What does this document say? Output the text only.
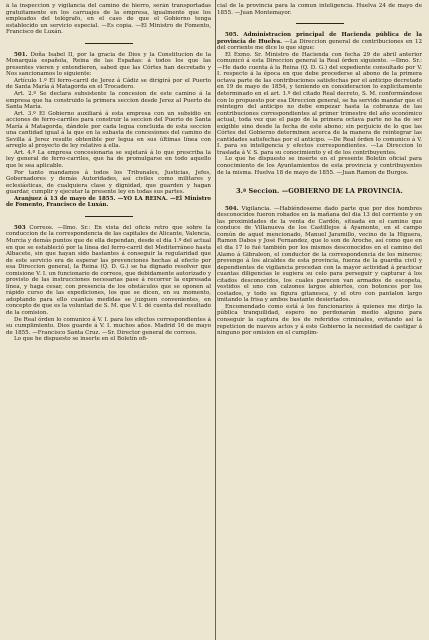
á la inspeccion y vigilancia del camino de hierro, serán transportadas gratuitamente en los carruajes de la empresa, igualmente que los empleados del telégrafo, en el caso de que el Gobierno tenga establecido un servicio especial. —Es copia. —El Ministro de Fomento, Francisco de Luxán.

501. Doña Isabel II, por la gracia de Dios y la Constitucion de la Monarquía española, Reina de las Españas: á todos los que las presentes vieren y entendieren, sabed que las Córtes han decretado y Nos sancionamos lo siguiente:

Artículo 1.º El ferro-carril de Jerez á Cádiz se dirigirá por el Puerto de Santa María á Matagorda en el Trocadero.

Art. 2.º Se declara subsistente la concesion de este camino á la empresa que ha construido la primera seccion desde Jerez al Puerto de Santa María.

Art. 3.º El Gobierno auxiliará á esta empresa con un subsidio en acciones de ferro-carriles para construir la seccion del Puerto de Santa María á Matagorda, dándole por cada legua concluida de esta seccion una cantidad igual á la que en la subasta de concesiones del camino de Sevilla á Jerez resulte obtenible por legua en sus últimas línea con arreglo al proyecto de ley relativo á ella.

Art. 4.º La empresa concesionaria se sujetará á lo que prescriba la ley general de ferro-carriles, que ha de promulgarse en todo aquello que le sea aplicable.

Por tanto mandamos á todos los Tribunales, Justicias, Jefes, Gobernadores y demás Autoridades, así civiles como militares y eclesiásticas, de cualquiera clase y dignidad, que guarden y hagan guardar, cumplir y ejecutar la presente ley en todas sus partes.

Aranjuez á 13 de mayo de 1855. —YO LA REINA. —El Ministro de Fomento, Francisco de Luxán.

503 Correos. —Ilmo. Sr.: En vista del oficio retro que sobre la conduccion de la correspondencia de las capitales de Alicante, Valencia, Murcia y demás puntos que de ella dependan, desde el dia 1.º del actual en que se estableció por la línea del ferro-carril del Mediterráneo hasta Albacete, sin que hayan sido bastantes á conseguir la regularidad que de este servicio era de esperar las prevenciones hechas al efecto por esa Direccion general, la Reina (Q. D. G.) se ha dignado resolver que comisione V. I. un funcionario de correos, que debidamente autorizado y provisto de las instrucciones necesarias pase á recorrer la expresada línea, y haga cesar, con presencia de los obstáculos que se oponen al rápido curso de las expediciones, los que se dicen, en su momento, adoptando para ello cuantas medidas se juzguen convenientes, en concepto de que es la voluntad de S. M. que V. I. dé cuenta del resultado de la comision.

De Real órden lo comunico á V. I. para los efectos correspondientes á su cumplimiento. Dios guarde á V. I. muchos años. Madrid 16 de mayo de 1855. —Francisco Santa Cruz. —Sr. Director general de correos.

Lo que he dispuesto se inserte en el Boletín ofi-

cial de la provincia para la comun inteligencia. Huelva 24 de mayo de 1855. —Juan Montemayor.

505. Administracion principal de Hacienda pública de la provincia de Huelva. —La Direccion general de contribuciones en 12 del corriente me dice lo que sigue:

El Exmo. Sr. Ministro de Hacienda con fecha 29 de abril anterior comunicó á esta Direccion general la Real órden siguiente. —Ilmo. Sr.: —He dado cuenta á la Reina (Q. D. G.) del expediente consultado por V. I. respecto á la época en que debe procederse al abono de la primera octava parte de las contribuciones satisfechas por el anticipo decretado en 19 de mayo de 1854, y teniendo en consideracion lo explícitamente determinado en el art. 1.º del citado Real decreto, S. M. conformándose con lo propuesto por esa Direccion general, se ha servido mandar que el reintegro del anticipo no debe empezar hasta la cobranza de las contribuciones correspondientes al primer trimestre del año económico actual, toda vez que el pago de la primera octava parte no ha de ser exigible sino desde la fecha de este abono; sin perjuicio de lo que las Córtes del Gobierno determinen acerca de la manera de reintegrar las cantidades satisfechas por el anticipo. —De Real órden lo comunico á V. I. para su inteligencia y efectos correspondientes. —La Direccion lo traslada á V. S. para su conocimiento y el de los contribuyentes.

Lo que he dispuesto se inserte en el presente Boletín oficial para conocimiento de los Ayuntamientos de esta provincia y contribuyentes de la misma. Huelva 18 de mayo de 1855. —Juan Ramon de Burgos.

3.ª Seccion. —GOBIERNO DE LA PROVINCIA.

504. Vigilancia. —Habiéndoseme dado parte que por dos hombres desconocidos fueron robados en la mañana del dia 13 del corriente y en las proximidades de la venta de Cardón, situada en el camino que conduce de Villanueva de los Castillejos á Ayamonte, en el campo común de aquel mencionado, Manuel Jaramillo, vecino de la Higuera, Ramon Dabos y José Fernandez, que lo son de Aroche, así como que en el dia 17 lo fué también por los mismos desconocidos en el camino del Alamo á Gibraleon, el conductor de la correspondencia de los mineros; prevengo á los alcaldes de esta provincia, fuerza de la guardia civil y dependientes de vigilancia procedan con la mayor actividad á practicar cuantas diligencias le sugiera su celo para perseguir y capturar á los citados desconocidos, los cuales parecen van armados de escopeta, vestidos el uno con calzones largos abiertos, con botonces por los costados, y todo su figura gitanesca, y el otro con pantalon largo imitando la frisa y ambos bastante desiertados.

Encomendado como está á los funcionarios á quienes me dirijo la pública tranquilidad, espero no perdonarán medio alguno para conseguir la captura de los de referidos criminales, evitando así la repeticion de nuevos actos y á este Gobierno la necesidad de castigar á ninguno por omision en el cumplim-
